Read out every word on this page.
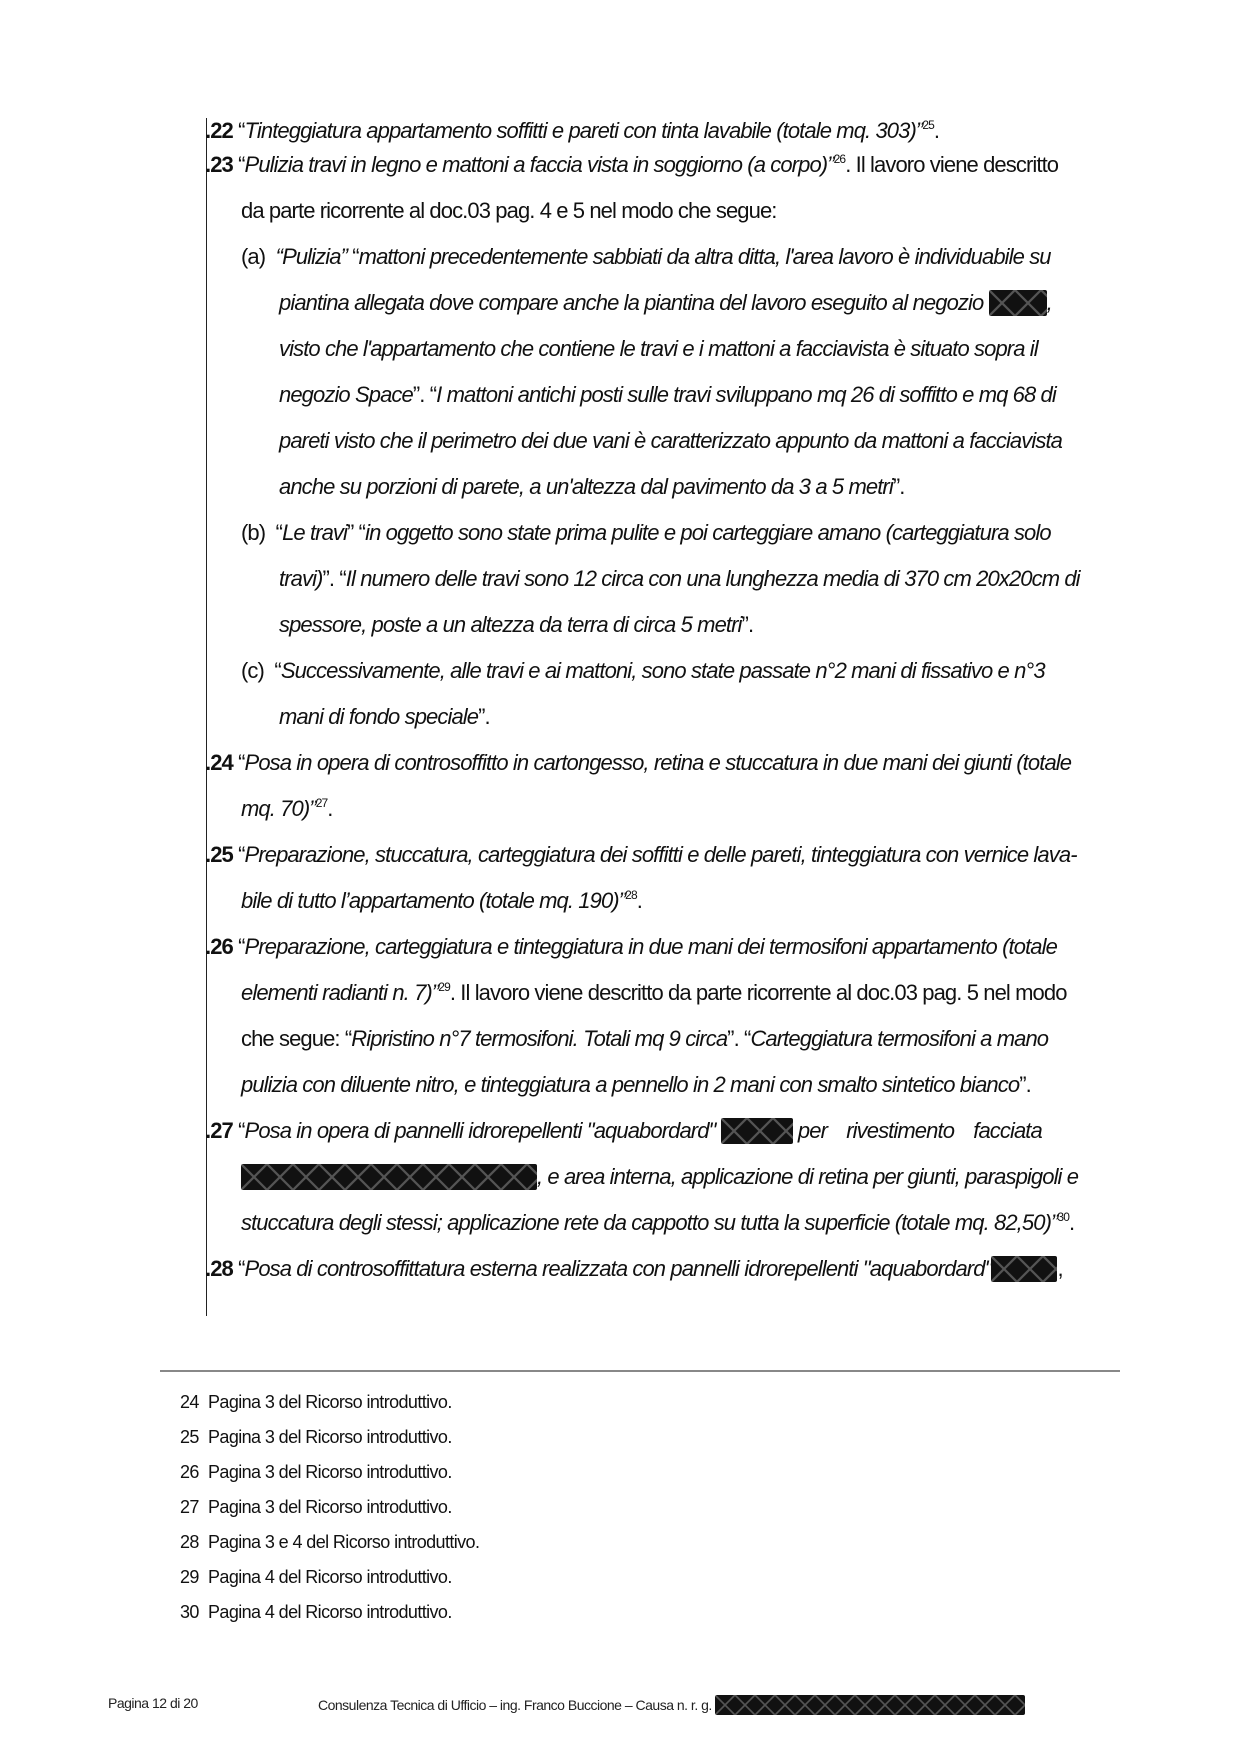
.22 “Tinteggiatura appartamento soffitti e pareti con tinta lavabile (totale mq. 303)”$^{25}$.
.23 “Pulizia travi in legno e mattoni a faccia vista in soggiorno (a corpo)”$^{26}$. Il lavoro viene descritto
da parte ricorrente al doc.03 pag. 4 e 5 nel modo che segue:
(a) “Pulizia” “mattoni precedentemente sabbiati da altra ditta, l'area lavoro è individuabile su
piantina allegata dove compare anche la piantina del lavoro eseguito al negozio	,
visto che l'appartamento che contiene le travi e i mattoni a facciavista è situato sopra il
negozio Space”. “I mattoni antichi posti sulle travi sviluppano mq 26 di soffitto e mq 68 di
pareti visto che il perimetro dei due vani è caratterizzato appunto da mattoni a facciavista
anche su porzioni di parete, a un'altezza dal pavimento da 3 a 5 metri”.
(b) “Le travi” “in oggetto sono state prima pulite e poi carteggiare amano (carteggiatura solo
travi)”. “Il numero delle travi sono 12 circa con una lunghezza media di 370 cm 20x20cm di
spessore, poste a un altezza da terra di circa 5 metri”.
(c) “Successivamente, alle travi e ai mattoni, sono state passate n°2 mani di fissativo e n°3
mani di fondo speciale”.
.24 “Posa in opera di controsoffitto in cartongesso, retina e stuccatura in due mani dei giunti (totale
mq. 70)”$^{27}$.
.25 “Preparazione, stuccatura, carteggiatura dei soffitti e delle pareti, tinteggiatura con vernice lava-
bile di tutto l’appartamento (totale mq. 190)”$^{28}$.
.26 “Preparazione, carteggiatura e tinteggiatura in due mani dei termosifoni appartamento (totale
elementi radianti n. 7)”$^{29}$. Il lavoro viene descritto da parte ricorrente al doc.03 pag. 5 nel modo
che segue: “Ripristino n°7 termosifoni. Totali mq 9 circa”. “Carteggiatura termosifoni a mano
pulizia con diluente nitro, e tinteggiatura a pennello in 2 mani con smalto sintetico bianco”.
.27 “Posa in opera di pannelli idrorepellenti "aquabordard"	per rivestimento facciata
, e area interna, applicazione di retina per giunti, paraspigoli e
stuccatura degli stessi; applicazione rete da cappotto su tutta la superficie (totale mq. 82,50)”$^{30}$.
.28 “Posa di controsoffittatura esterna realizzata con pannelli idrorepellenti "aquabordard"	,
24 Pagina 3 del Ricorso introduttivo.
25 Pagina 3 del Ricorso introduttivo.
26 Pagina 3 del Ricorso introduttivo.
27 Pagina 3 del Ricorso introduttivo.
28 Pagina 3 e 4 del Ricorso introduttivo.
29 Pagina 4 del Ricorso introduttivo.
30 Pagina 4 del Ricorso introduttivo.
Pagina 12 di 20	Consulenza Tecnica di Ufficio – ing. Franco Buccione – Causa n. r. g.
